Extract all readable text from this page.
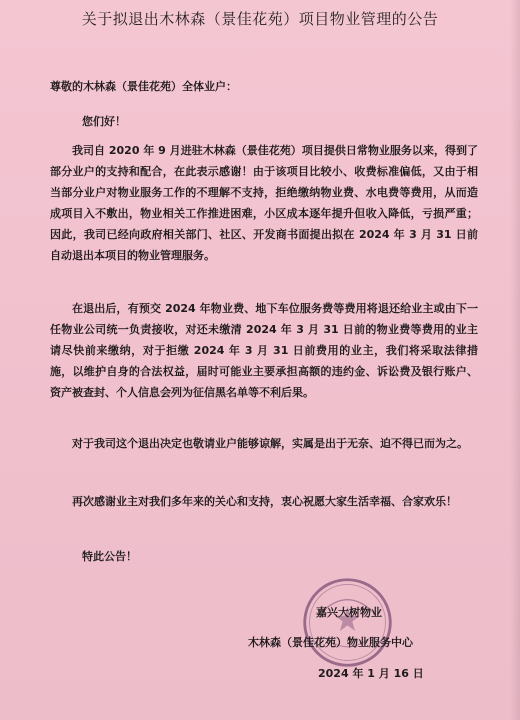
关于拟退出木林森（景佳花苑）项目物业管理的公告
尊敬的木林森（景佳花苑）全体业户：
您们好！

我司自 2020 年 9 月进驻木林森（景佳花苑）项目提供日常物业服务以来，得到了部分业户的支持和配合，在此表示感谢！由于该项目比较小、收费标准偏低，又由于相当部分业户对物业服务工作的不理解不支持，拒绝缴纳物业费、水电费等费用，从而造成项目入不敷出，物业相关工作推进困难，小区成本逐年提升但收入降低，亏损严重；因此，我司已经向政府相关部门、社区、开发商书面提出拟在 2024 年 3 月 31 日前自动退出本项目的物业管理服务。

在退出后，有预交 2024 年物业费、地下车位服务费等费用将退还给业主或由下一任物业公司统一负责接收，对还未缴清 2024 年 3 月 31 日前的物业费等费用的业主请尽快前来缴纳，对于拒缴 2024 年 3 月 31 日前费用的业主，我们将采取法律措施，以维护自身的合法权益，届时可能业主要承担高额的违约金、诉讼费及银行账户、资产被查封、个人信息会列为征信黑名单等不利后果。

对于我司这个退出决定也敬请业户能够谅解，实属是出于无奈、迫不得已而为之。

再次感谢业主对我们多年来的关心和支持，衷心祝愿大家生活幸福、合家欢乐！

特此公告！
嘉兴大树物业
木林森（景佳花苑）物业服务中心
2024 年 1 月 16 日
